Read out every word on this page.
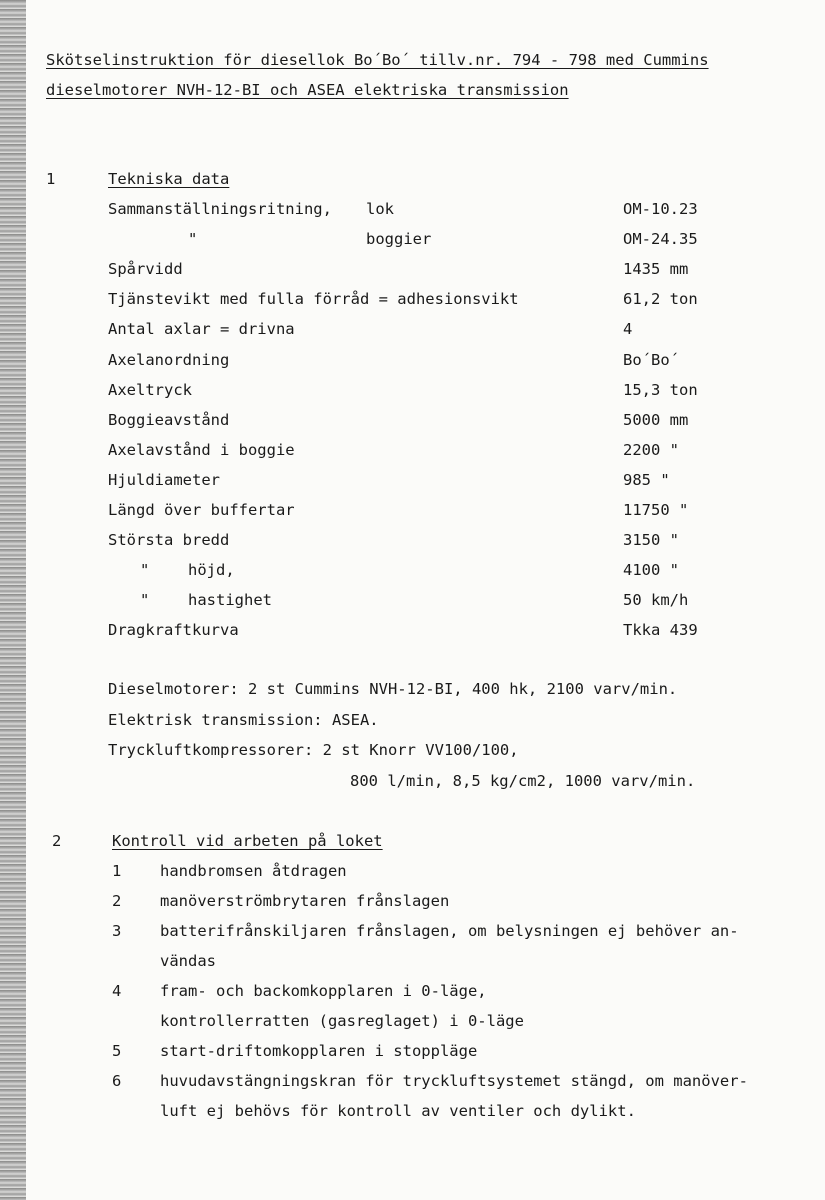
Skötselinstruktion för diesellok Bo´Bo´ tillv.nr. 794 - 798 med Cummins
dieselmotorer NVH-12-BI och ASEA elektriska transmission
1	Tekniska data
Sammanställningsritning, lok	OM-10.23
"	boggier	OM-24.35
Spårvidd	1435 mm
Tjänstevikt med fulla förråd = adhesionsvikt	61,2 ton
Antal axlar = drivna	4
Axelanordning	Bo´Bo´
Axeltryck	15,3 ton
Boggieavstånd	5000 mm
Axelavstånd i boggie	2200 "
Hjuldiameter	985 "
Längd över buffertar	11750 "
Största bredd	3150 "
" höjd,	4100 "
" hastighet	50 km/h
Dragkraftkurva	Tkka 439
Dieselmotorer: 2 st Cummins NVH-12-BI, 400 hk, 2100 varv/min.
Elektrisk transmission: ASEA.
Tryckluftkompressorer: 2 st Knorr VV100/100,
800 l/min, 8,5 kg/cm2, 1000 varv/min.
2	Kontroll vid arbeten på loket
1 handbromsen åtdragen
2 manöverströmbrytaren frånslagen
3 batterifrånskiljaren frånslagen, om belysningen ej behöver an-
vändas
4 fram- och backomkopplaren i 0-läge,
kontrollerratten (gasreglaget) i 0-läge
5 start-driftomkopplaren i stoppläge
6 huvudavstängningskran för tryckluftsystemet stängd, om manöver-
luft ej behövs för kontroll av ventiler och dylikt.
